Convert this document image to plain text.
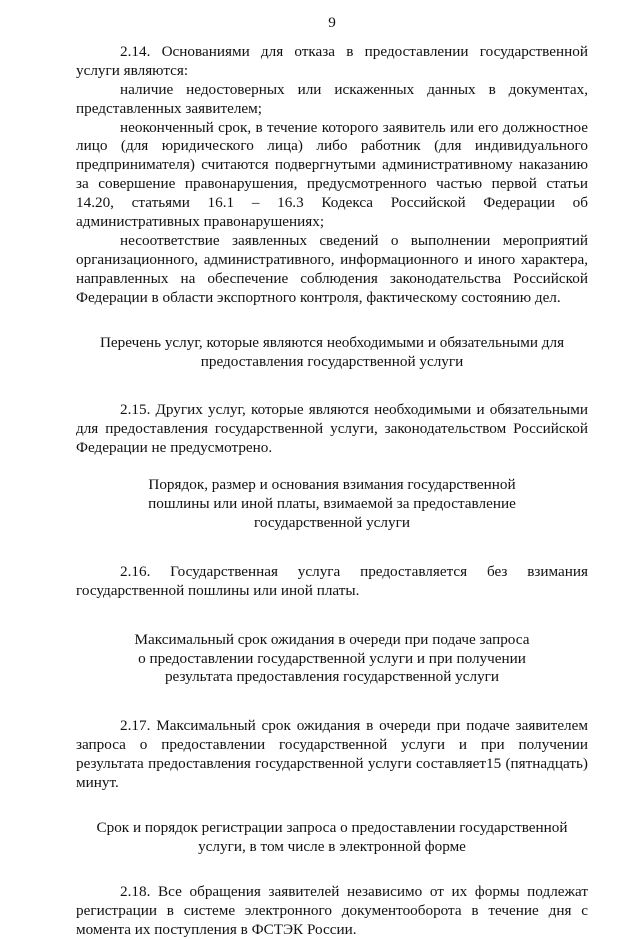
9

2.14. Основаниями для отказа в предоставлении государственной услуги являются:

наличие недостоверных или искаженных данных в документах, представленных заявителем;

неоконченный срок, в течение которого заявитель или его должностное лицо (для юридического лица) либо работник (для индивидуального предпринимателя) считаются подвергнутыми административному наказанию за совершение правонарушения, предусмотренного частью первой статьи 14.20, статьями 16.1 – 16.3 Кодекса Российской Федерации об административных правонарушениях;

несоответствие заявленных сведений о выполнении мероприятий организационного, административного, информационного и иного характера, направленных на обеспечение соблюдения законодательства Российской Федерации в области экспортного контроля, фактическому состоянию дел.

Перечень услуг, которые являются необходимыми и обязательными для
предоставления государственной услуги

2.15. Других услуг, которые являются необходимыми и обязательными для предоставления государственной услуги, законодательством Российской Федерации не предусмотрено.

Порядок, размер и основания взимания государственной
пошлины или иной платы, взимаемой за предоставление
государственной услуги

2.16. Государственная услуга предоставляется без взимания государственной пошлины или иной платы.

Максимальный срок ожидания в очереди при подаче запроса
о предоставлении государственной услуги и при получении
результата предоставления государственной услуги

2.17. Максимальный срок ожидания в очереди при подаче заявителем запроса о предоставлении государственной услуги и при получении результата предоставления государственной услуги составляет15 (пятнадцать) минут.

Срок и порядок регистрации запроса о предоставлении государственной
услуги, в том числе в электронной форме

2.18. Все обращения заявителей независимо от их формы подлежат регистрации в системе электронного документооборота в течение дня с момента их поступления в ФСТЭК России.
